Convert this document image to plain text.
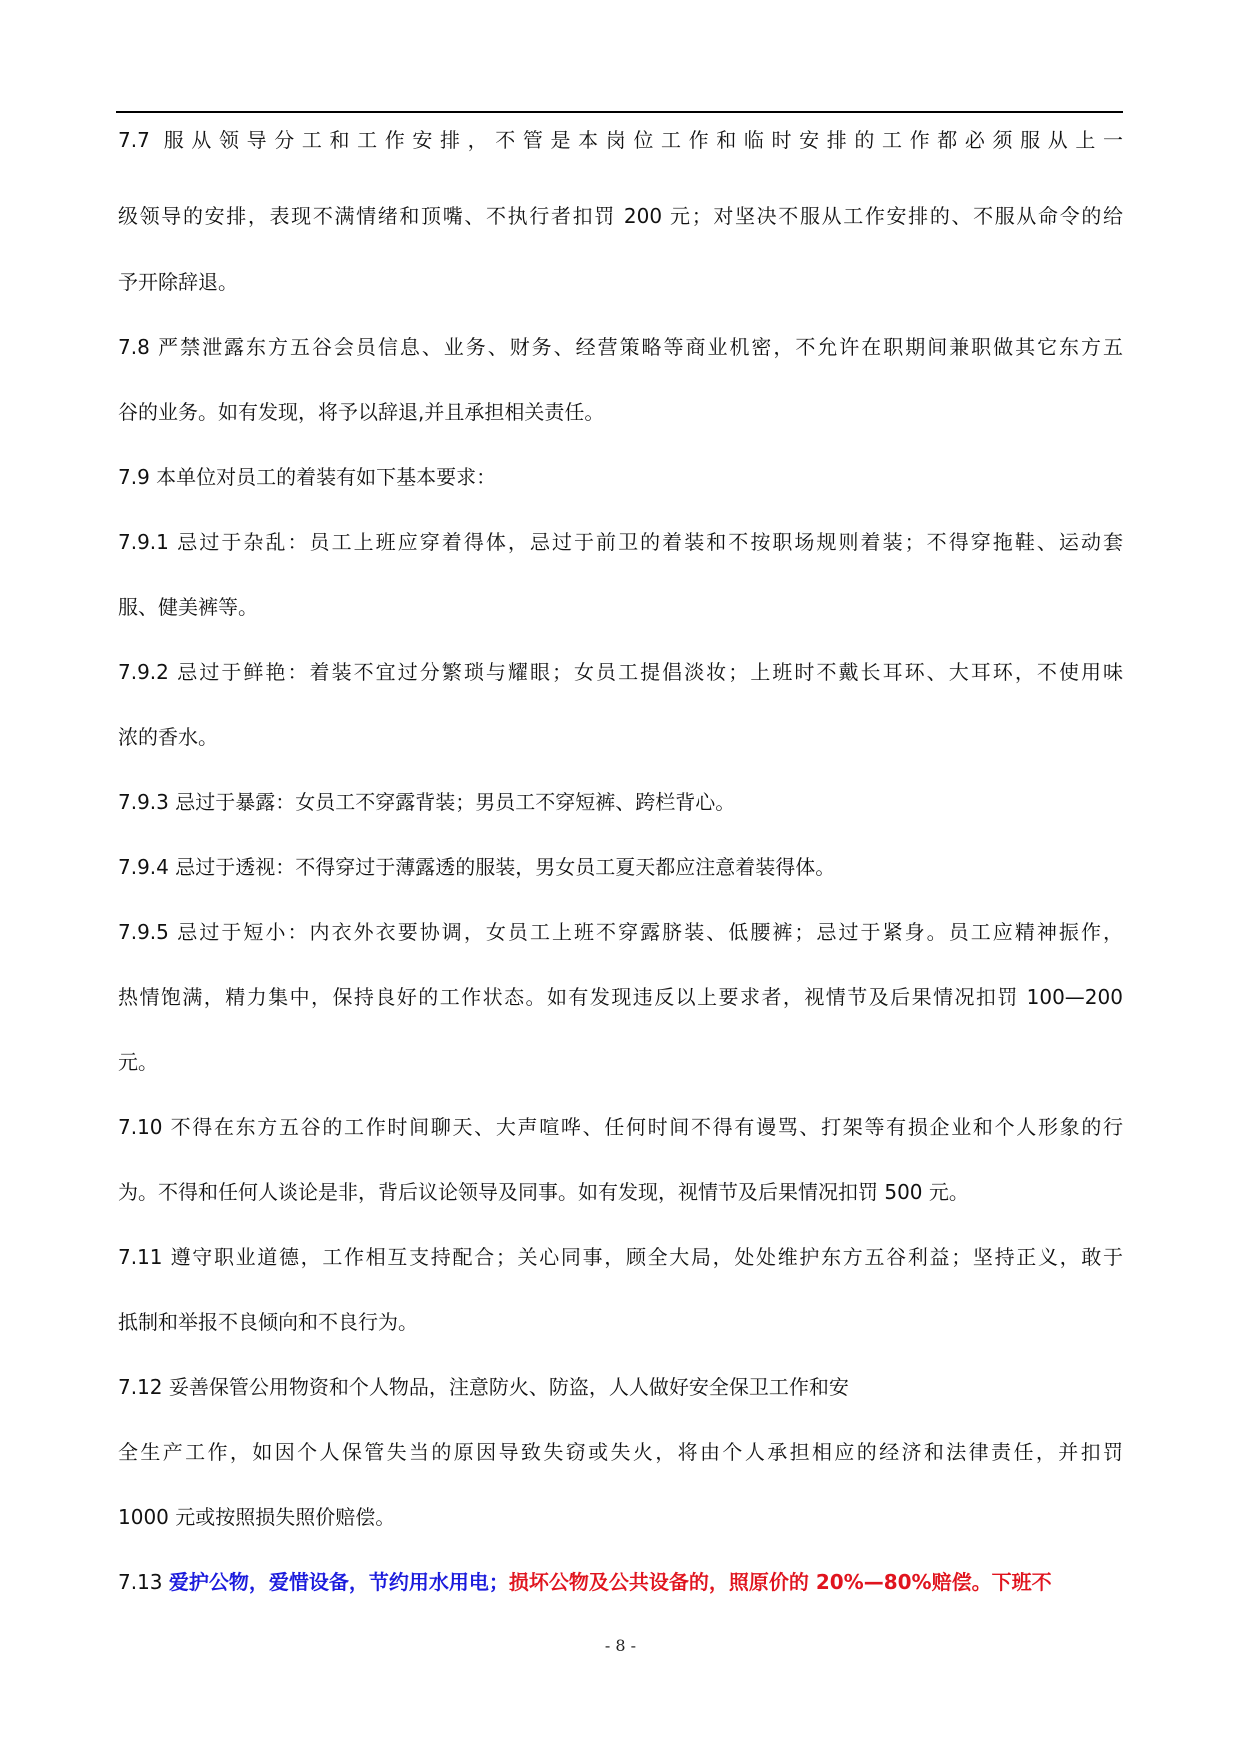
7.7 服从领导分工和工作安排，不管是本岗位工作和临时安排的工作都必须服从上一
级领导的安排，表现不满情绪和顶嘴、不执行者扣罚 200 元；对坚决不服从工作安排的、不服从命令的给
予开除辞退。
7.8 严禁泄露东方五谷会员信息、业务、财务、经营策略等商业机密，不允许在职期间兼职做其它东方五
谷的业务。如有发现，将予以辞退,并且承担相关责任。
7.9 本单位对员工的着装有如下基本要求：
7.9.1 忌过于杂乱：员工上班应穿着得体，忌过于前卫的着装和不按职场规则着装；不得穿拖鞋、运动套
服、健美裤等。
7.9.2 忌过于鲜艳：着装不宜过分繁琐与耀眼；女员工提倡淡妆；上班时不戴长耳环、大耳环，不使用味
浓的香水。
7.9.3 忌过于暴露：女员工不穿露背装；男员工不穿短裤、跨栏背心。
7.9.4 忌过于透视：不得穿过于薄露透的服装，男女员工夏天都应注意着装得体。
7.9.5 忌过于短小：内衣外衣要协调，女员工上班不穿露脐装、低腰裤；忌过于紧身。员工应精神振作，
热情饱满，精力集中，保持良好的工作状态。如有发现违反以上要求者，视情节及后果情况扣罚 100—200
元。
7.10 不得在东方五谷的工作时间聊天、大声喧哗、任何时间不得有谩骂、打架等有损企业和个人形象的行
为。不得和任何人谈论是非，背后议论领导及同事。如有发现，视情节及后果情况扣罚 500 元。
7.11 遵守职业道德，工作相互支持配合；关心同事，顾全大局，处处维护东方五谷利益；坚持正义，敢于
抵制和举报不良倾向和不良行为。
7.12 妥善保管公用物资和个人物品，注意防火、防盗，人人做好安全保卫工作和安
全生产工作，如因个人保管失当的原因导致失窃或失火，将由个人承担相应的经济和法律责任，并扣罚
1000 元或按照损失照价赔偿。
7.13 爱护公物，爱惜设备，节约用水用电；损坏公物及公共设备的，照原价的 20%—80%赔偿。下班不
- 8 -
